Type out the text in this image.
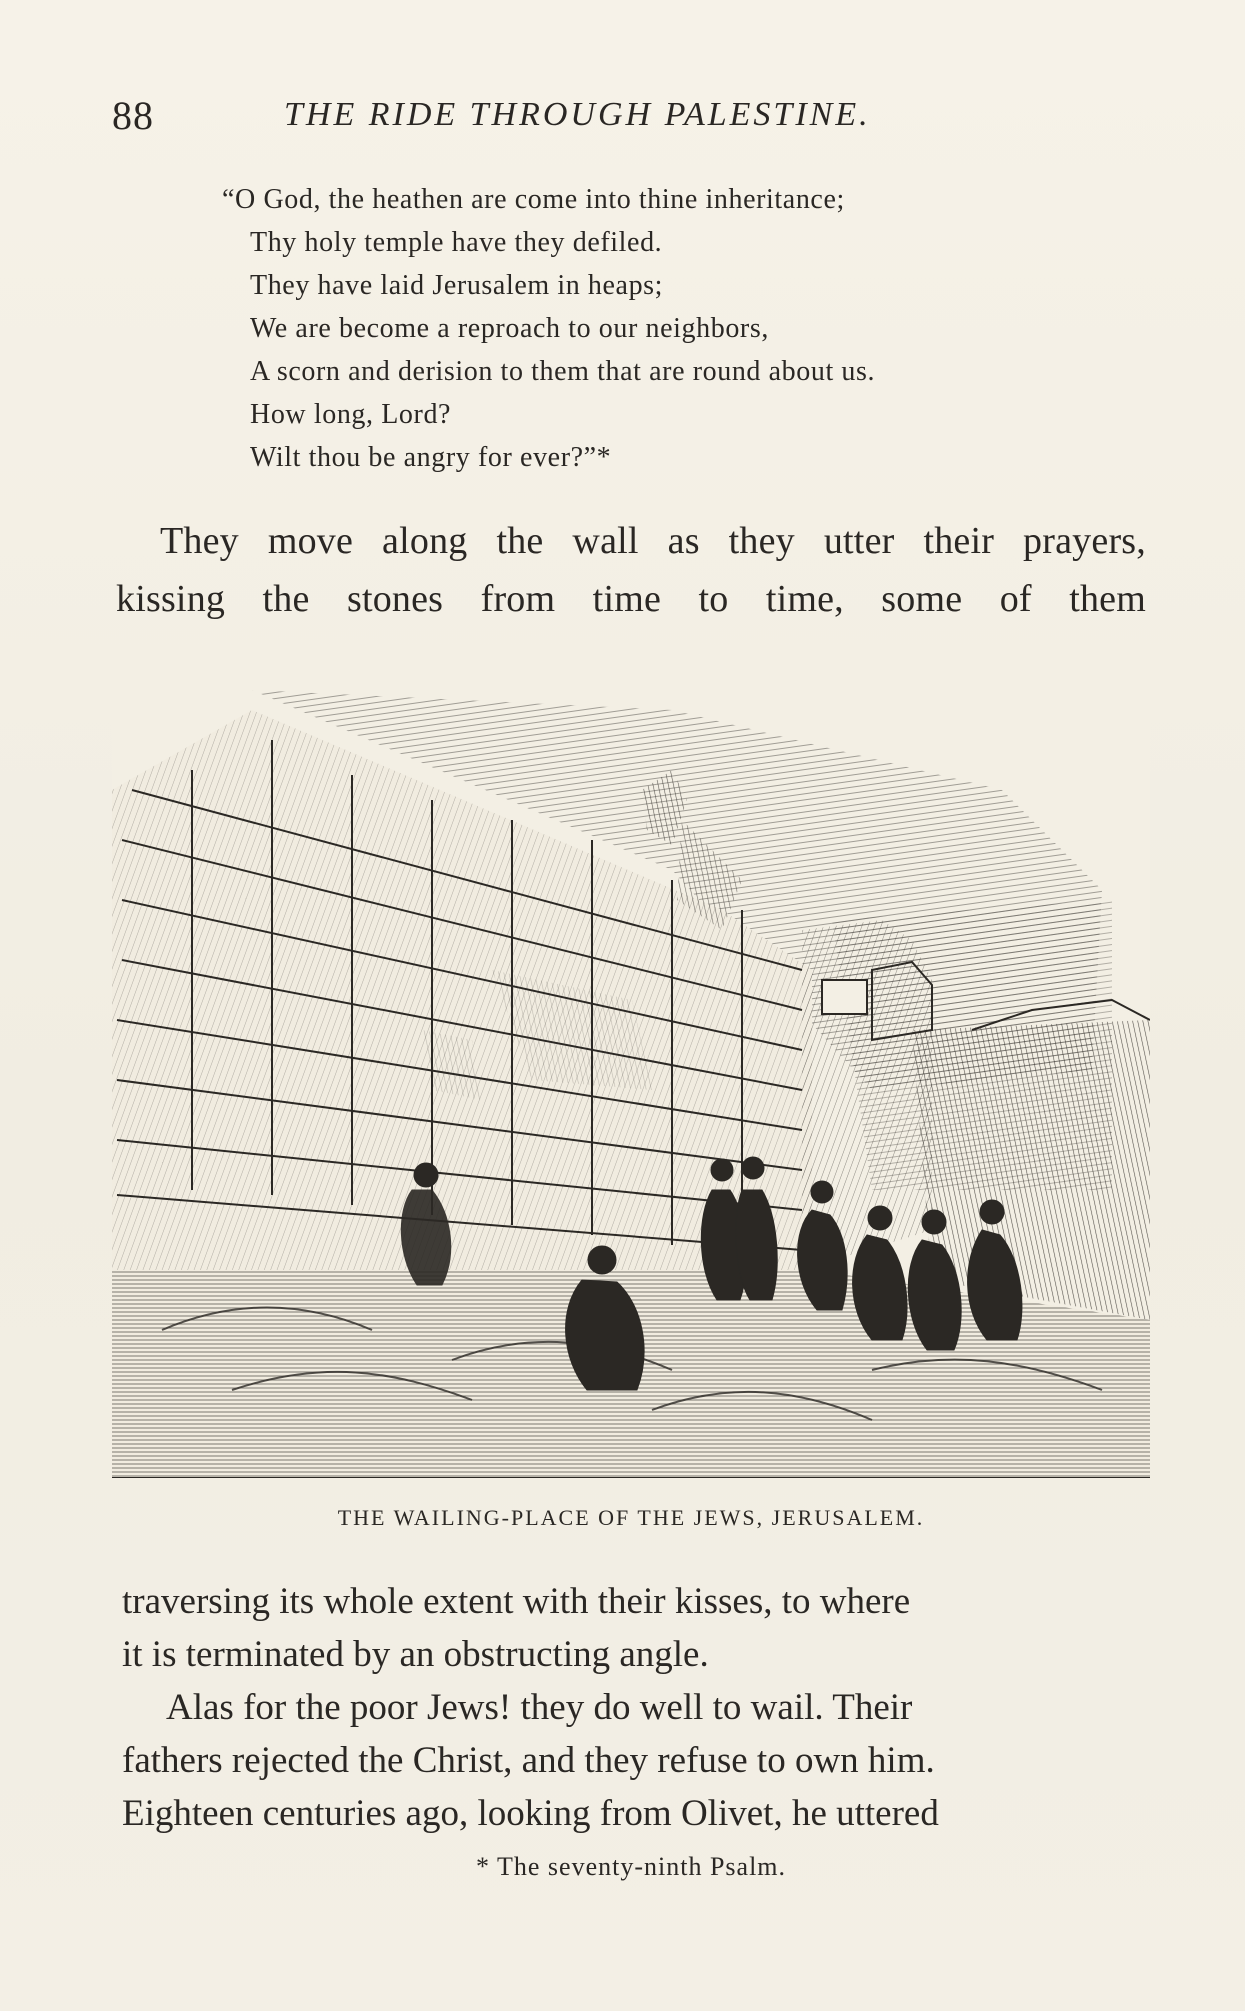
88	THE RIDE THROUGH PALESTINE.
“O God, the heathen are come into thine inheritance;
Thy holy temple have they defiled.
They have laid Jerusalem in heaps;
We are become a reproach to our neighbors,
A scorn and derision to them that are round about us.
How long, Lord?
Wilt thou be angry for ever?”*
They move along the wall as they utter their prayers,
kissing the stones from time to time, some of them
THE WAILING-PLACE OF THE JEWS, JERUSALEM.
traversing its whole extent with their kisses, to where
it is terminated by an obstructing angle.
Alas for the poor Jews! they do well to wail. Their
fathers rejected the Christ, and they refuse to own him.
Eighteen centuries ago, looking from Olivet, he uttered
* The seventy-ninth Psalm.
